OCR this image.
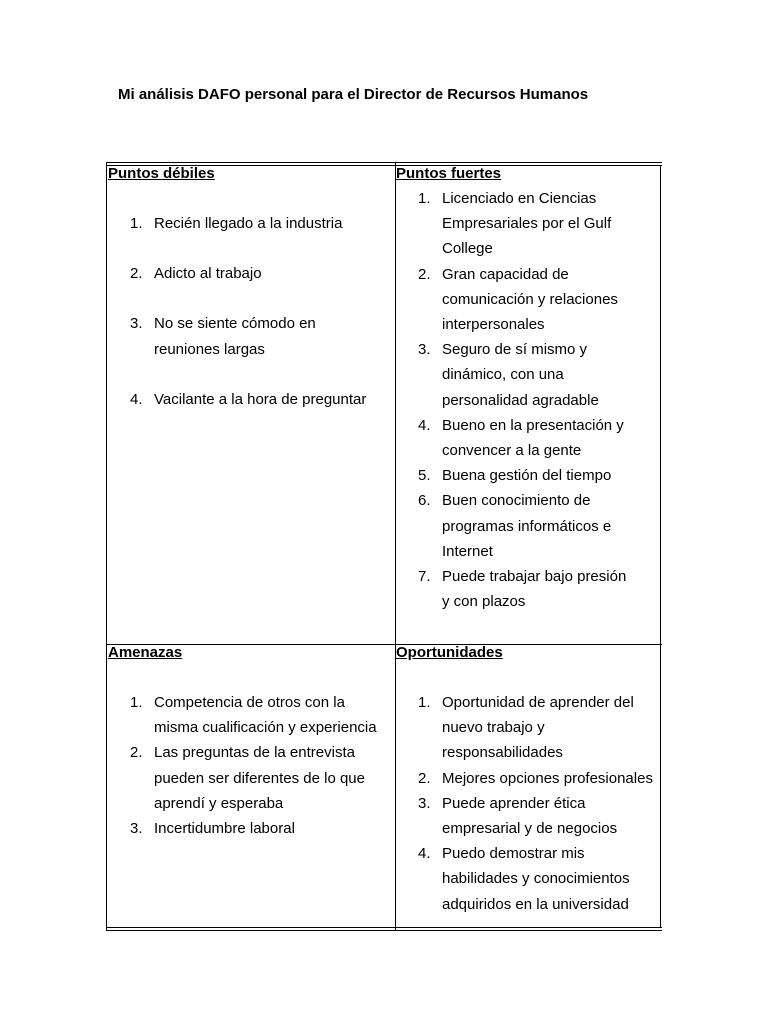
Mi análisis DAFO personal para el Director de Recursos Humanos
Puntos débiles
1. Recién llegado a la industria
2. Adicto al trabajo
3. No se siente cómodo en
reuniones largas
4. Vacilante a la hora de preguntar
Puntos fuertes
1. Licenciado en Ciencias
Empresariales por el Gulf
College
2. Gran capacidad de
comunicación y relaciones
interpersonales
3. Seguro de sí mismo y
dinámico, con una
personalidad agradable
4. Bueno en la presentación y
convencer a la gente
5. Buena gestión del tiempo
6. Buen conocimiento de
programas informáticos e
Internet
7. Puede trabajar bajo presión
y con plazos
Amenazas
1. Competencia de otros con la
misma cualificación y experiencia
2. Las preguntas de la entrevista
pueden ser diferentes de lo que
aprendí y esperaba
3. Incertidumbre laboral
Oportunidades
1. Oportunidad de aprender del
nuevo trabajo y
responsabilidades
2. Mejores opciones profesionales
3. Puede aprender ética
empresarial y de negocios
4. Puedo demostrar mis
habilidades y conocimientos
adquiridos en la universidad
